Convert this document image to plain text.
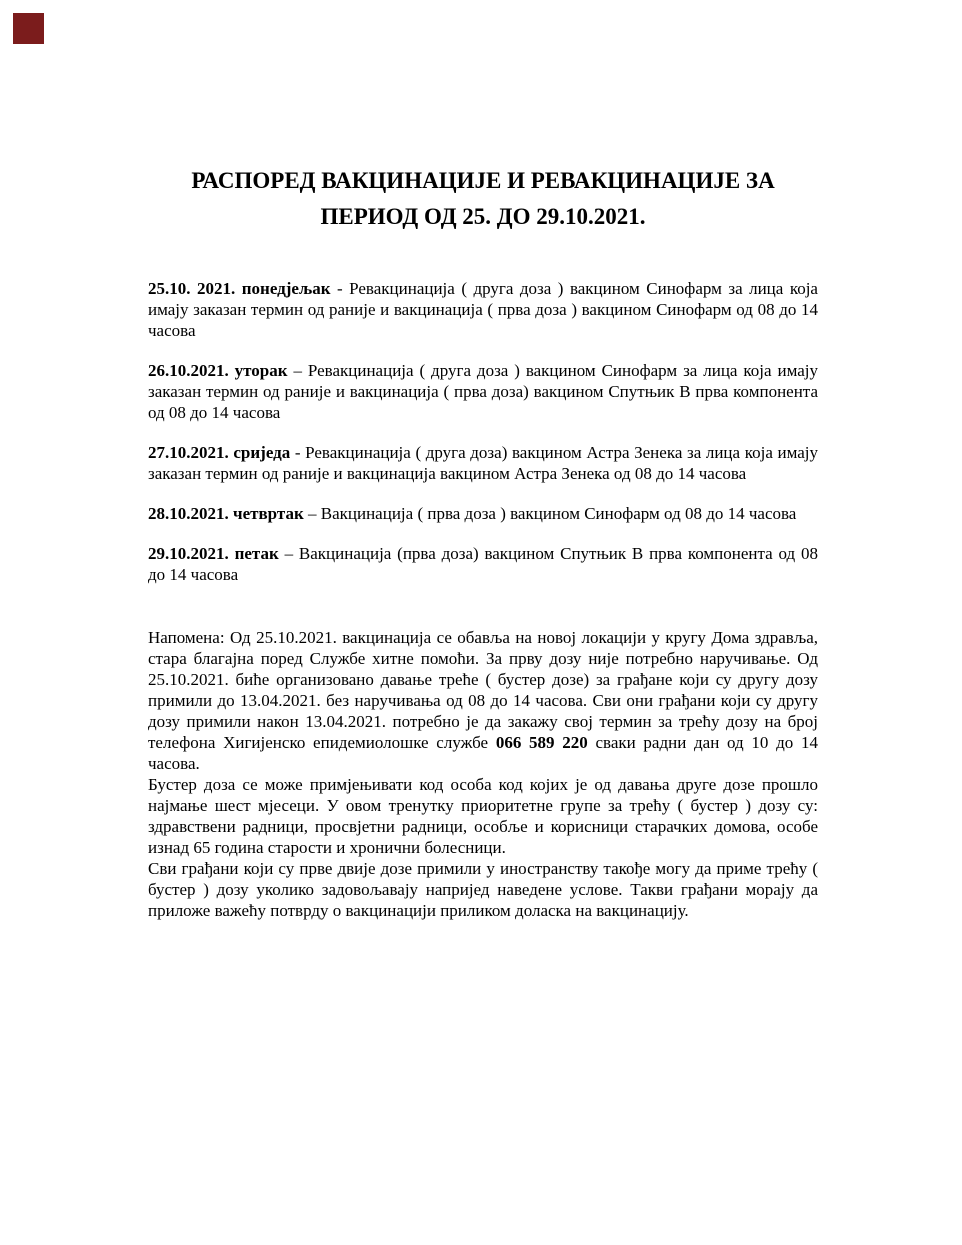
РАСПОРЕД ВАКЦИНАЦИЈЕ И РЕВАКЦИНАЦИЈЕ ЗА
ПЕРИОД ОД 25. ДО 29.10.2021.

25.10. 2021. понедјељак - Ревакцинација ( друга доза ) вакцином Синофарм за лица која имају заказан термин од раније и вакцинација ( прва доза ) вакцином Синофарм од 08 до 14 часова

26.10.2021. уторак – Ревакцинација ( друга доза ) вакцином Синофарм за лица која имају заказан термин од раније и вакцинација ( прва доза) вакцином Спутњик В прва компонента од 08 до 14 часова

27.10.2021. сриједа - Ревакцинација ( друга доза) вакцином Астра Зенека за лица која имају заказан термин од раније и вакцинација вакцином Астра Зенека од 08 до 14 часова

28.10.2021. четвртак – Вакцинација ( прва доза ) вакцином Синофарм од 08 до 14 часова

29.10.2021. петак – Вакцинација (прва доза) вакцином Спутњик В прва компонента од 08 до 14 часова

Напомена: Од 25.10.2021. вакцинација се обавља на новој локацији у кругу Дома здравља, стара благајна поред Службе хитне помоћи. За прву дозу није потребно наручивање. Од 25.10.2021. биће организовано давање треће ( бустер дозе) за грађане који су другу дозу примили до 13.04.2021. без наручивања од 08 до 14 часова. Сви они грађани који су другу дозу примили након 13.04.2021. потребно је да закажу свој термин за трећу дозу на број телефона Хигијенско епидемиолошке службе 066 589 220 сваки радни дан од 10 до 14 часова.

Бустер доза се може примјењивати код особа код којих је од давања друге дозе прошло најмање шест мјесеци. У овом тренутку приоритетне групе за трећу ( бустер ) дозу су: здравствени радници, просвјетни радници, особље и корисници старачких домова, особе изнад 65 година старости и хронични болесници.

Сви грађани који су прве двије дозе примили у иностранству такође могу да приме трећу ( бустер ) дозу уколико задовољавају напријед наведене услове. Такви грађани морају да приложе важећу потврду о вакцинацији приликом доласка на вакцинацију.
